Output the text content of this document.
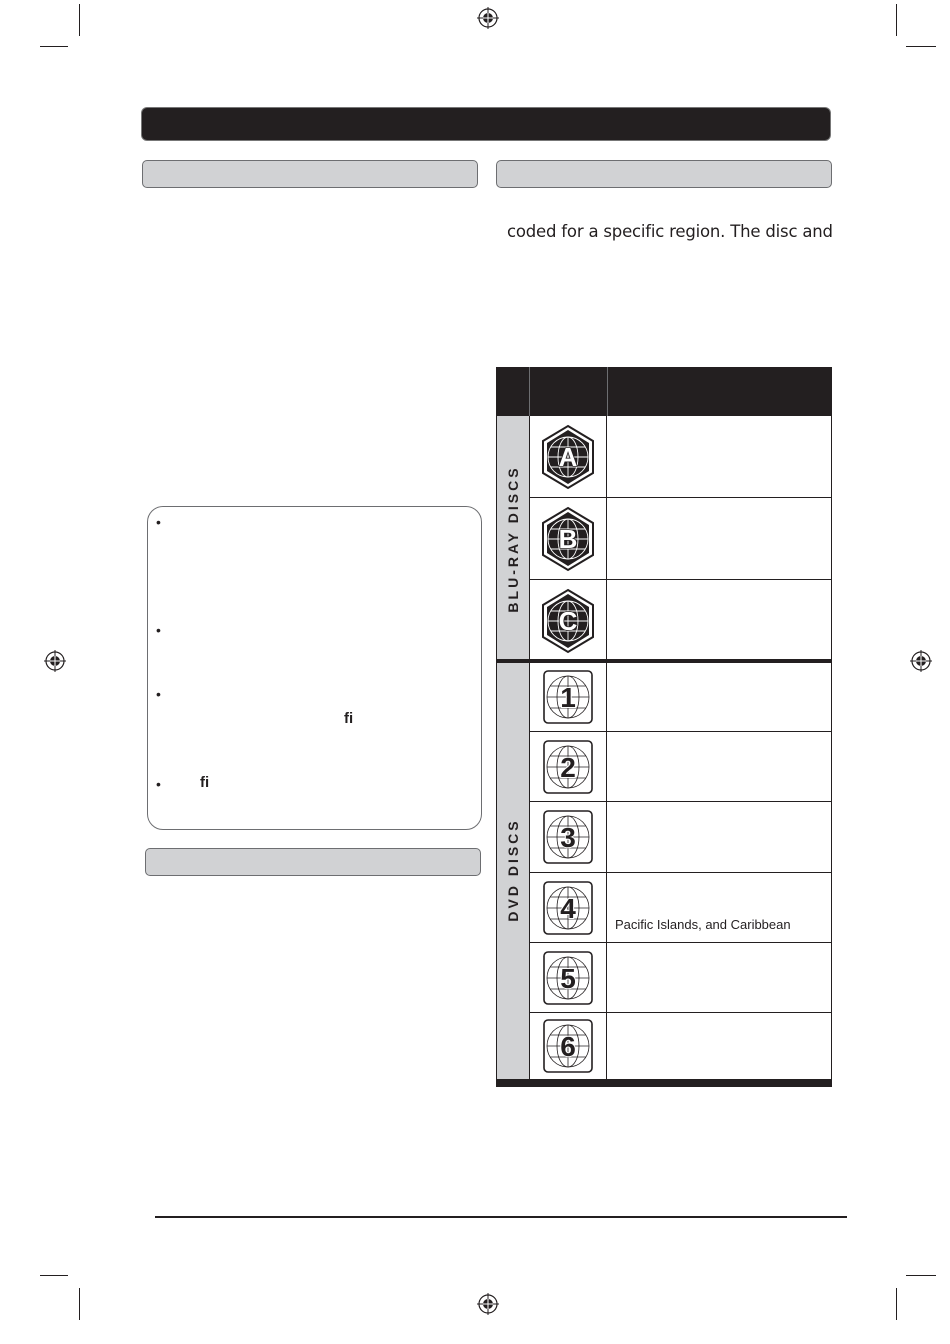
coded for a specific region. The disc and
•
•
•
ﬁ
•	ﬁ
BLU-RAY DISCS
DVD DISCS
A
B
C
1
2
3
4
Pacific Islands, and Caribbean
5
6
